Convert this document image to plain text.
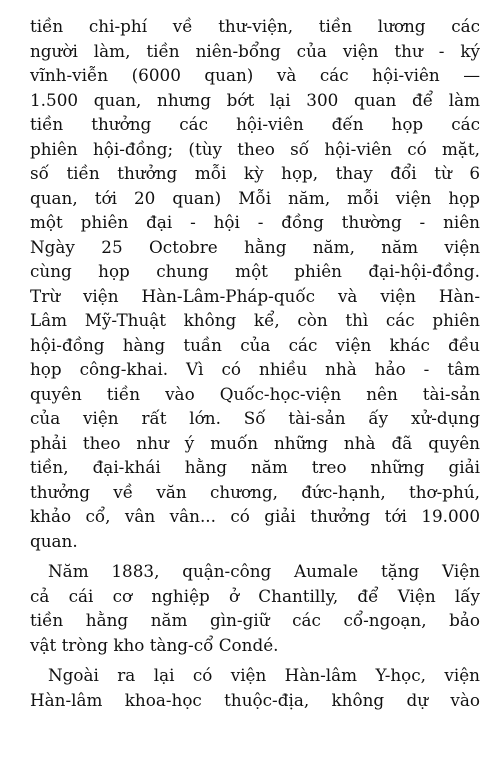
tiền chi-phí về thư-viện, tiền lương các
người làm, tiền niên-bổng của viện thư - ký
vĩnh-viễn (6000 quan) và các hội-viên —
1.500 quan, nhưng bớt lại 300 quan để làm
tiền thưởng các hội-viên đến họp các
phiên hội-đồng; (tùy theo số hội-viên có mặt,
số tiền thưởng mỗi kỳ họp, thay đổi từ 6
quan, tới 20 quan) Mỗi năm, mỗi viện họp
một phiên đại - hội - đồng thường - niên
Ngày 25 Octobre hằng năm, năm viện
cùng họp chung một phiên đại-hội-đồng.
Trừ viện Hàn-Lâm-Pháp-quốc và viện Hàn-
Lâm Mỹ-Thuật không kể, còn thì các phiên
hội-đồng hàng tuần của các viện khác đều
họp công-khai. Vì có nhiều nhà hảo - tâm
quyên tiền vào Quốc-học-viện nên tài-sản
của viện rất lớn. Số tài-sản ấy xử-dụng
phải theo như ý muốn những nhà đã quyên
tiền, đại-khái hằng năm treo những giải
thưởng về văn chương, đức-hạnh, thơ-phú,
khảo cổ, vân vân... có giải thưởng tới 19.000
quan.

Năm 1883, quận-công Aumale tặng Viện
cả cái cơ nghiệp ở Chantilly, để Viện lấy
tiền hằng năm gìn-giữ các cổ-ngoạn, bảo
vật tròng kho tàng-cổ Condé.

Ngoài ra lại có viện Hàn-lâm Y-học, viện
Hàn-lâm khoa-học thuộc-địa, không dự vào
